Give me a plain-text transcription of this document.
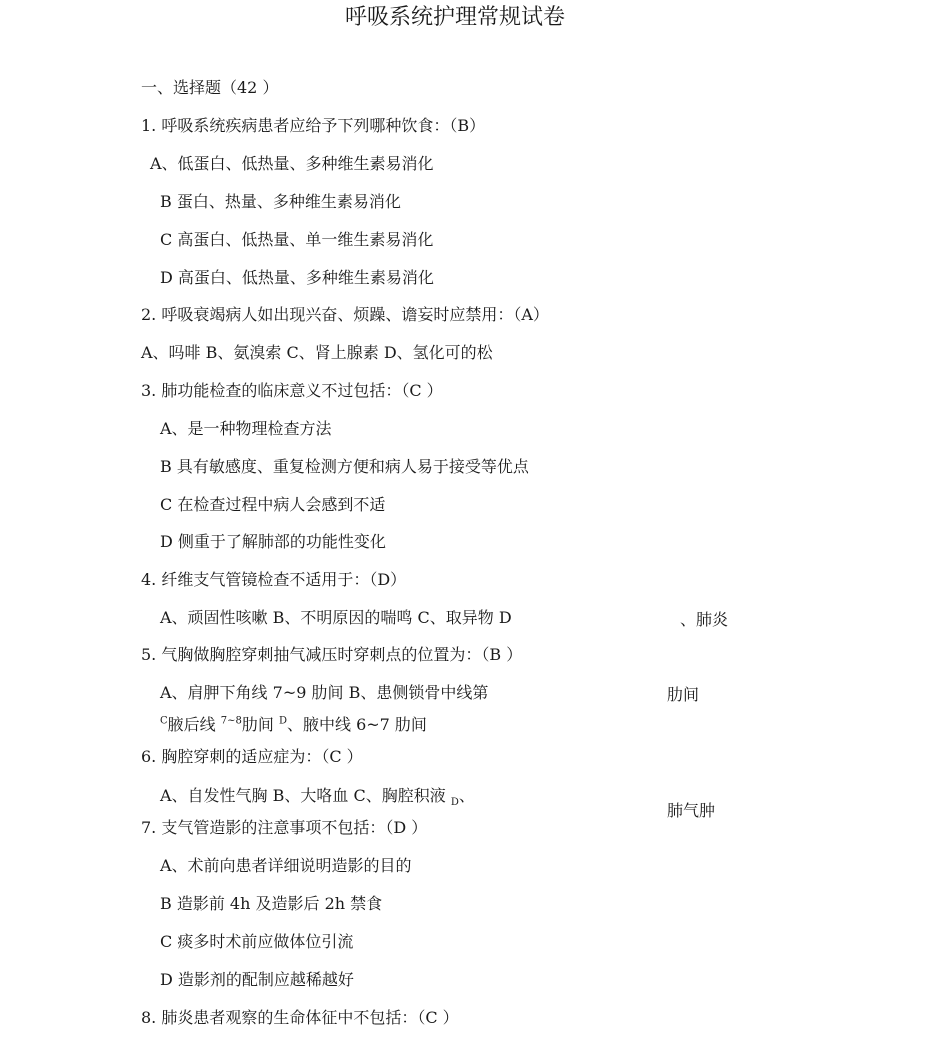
呼吸系统护理常规试卷
一、选择题（42 ）
1. 呼吸系统疾病患者应给予下列哪种饮食：（B）
A、低蛋白、低热量、多种维生素易消化
B 蛋白、热量、多种维生素易消化
C 高蛋白、低热量、单一维生素易消化
D 高蛋白、低热量、多种维生素易消化
2. 呼吸衰竭病人如出现兴奋、烦躁、谵妄时应禁用：（A）
A、吗啡 B、氨溴索 C、肾上腺素 D、氢化可的松
3. 肺功能检查的临床意义不过包括：（C ）
A、是一种物理检查方法
B 具有敏感度、重复检测方便和病人易于接受等优点
C 在检查过程中病人会感到不适
D 侧重于了解肺部的功能性变化
4. 纤维支气管镜检查不适用于：（D）
A、顽固性咳嗽 B、不明原因的喘鸣 C、取异物 D	、肺炎
5. 气胸做胸腔穿刺抽气减压时穿刺点的位置为：（B ）
A、肩胛下角线 7~9 肋间 B、患侧锁骨中线第	肋间
$^C$腋后线 $^{7\sim 8}$肋间 $^D$、腋中线 6~7 肋间
6. 胸腔穿刺的适应症为：（C ）
A、自发性气胸 B、大咯血 C、胸腔积液 $_D$、
肺气肿
7. 支气管造影的注意事项不包括：（D ）
A、术前向患者详细说明造影的目的
B 造影前 4h 及造影后 2h 禁食
C 痰多时术前应做体位引流
D 造影剂的配制应越稀越好
8. 肺炎患者观察的生命体征中不包括：（C ）
